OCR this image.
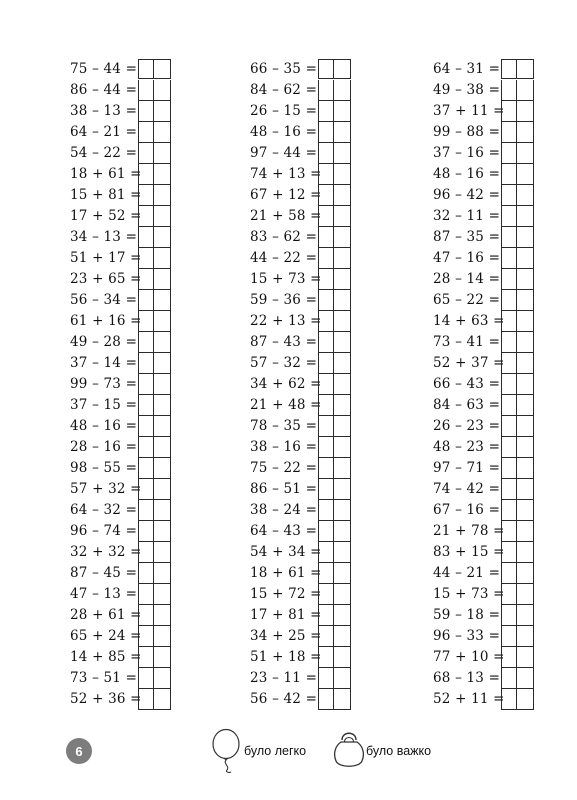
75 – 44 =
86 – 44 =
38 – 13 =
64 – 21 =
54 – 22 =
18 + 61 =
15 + 81 =
17 + 52 =
34 – 13 =
51 + 17 =
23 + 65 =
56 – 34 =
61 + 16 =
49 – 28 =
37 – 14 =
99 – 73 =
37 – 15 =
48 – 16 =
28 – 16 =
98 – 55 =
57 + 32 =
64 – 32 =
96 – 74 =
32 + 32 =
87 – 45 =
47 – 13 =
28 + 61 =
65 + 24 =
14 + 85 =
73 – 51 =
52 + 36 =
66 – 35 =
84 – 62 =
26 – 15 =
48 – 16 =
97 – 44 =
74 + 13 =
67 + 12 =
21 + 58 =
83 – 62 =
44 – 22 =
15 + 73 =
59 – 36 =
22 + 13 =
87 – 43 =
57 – 32 =
34 + 62 =
21 + 48 =
78 – 35 =
38 – 16 =
75 – 22 =
86 – 51 =
38 – 24 =
64 – 43 =
54 + 34 =
18 + 61 =
15 + 72 =
17 + 81 =
34 + 25 =
51 + 18 =
23 – 11 =
56 – 42 =
64 – 31 =
49 – 38 =
37 + 11 =
99 – 88 =
37 – 16 =
48 – 16 =
96 – 42 =
32 – 11 =
87 – 35 =
47 – 16 =
28 – 14 =
65 – 22 =
14 + 63 =
73 – 41 =
52 + 37 =
66 – 43 =
84 – 63 =
26 – 23 =
48 – 23 =
97 – 71 =
74 – 42 =
67 – 16 =
21 + 78 =
83 + 15 =
44 – 21 =
15 + 73 =
59 – 18 =
96 – 33 =
77 + 10 =
68 – 13 =
52 + 11 =
6	було легко	було важко
